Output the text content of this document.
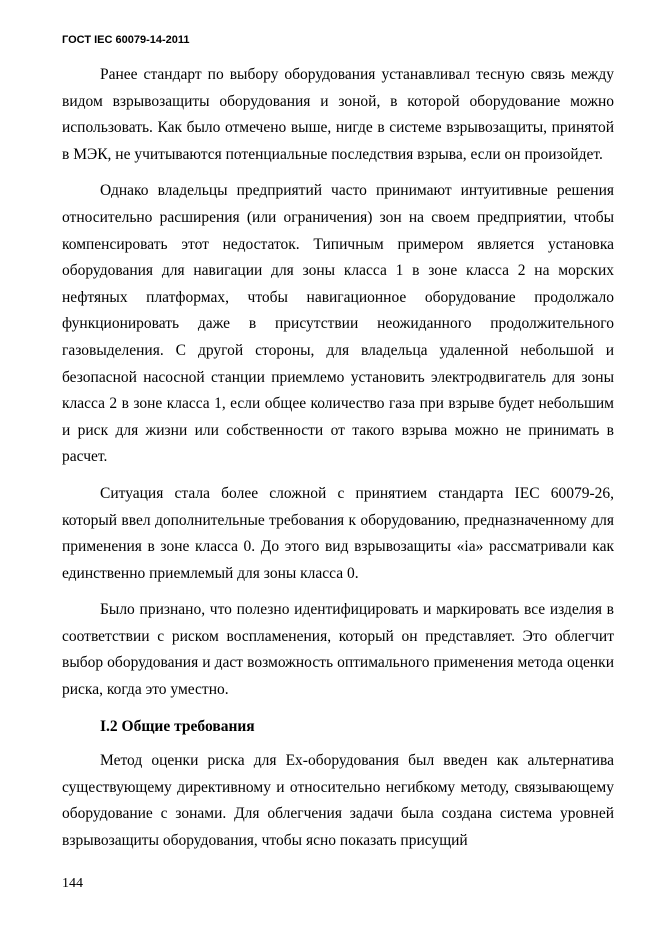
ГОСТ IEC 60079-14-2011

Ранее стандарт по выбору оборудования устанавливал тесную связь между видом взрывозащиты оборудования и зоной, в которой оборудование можно использовать. Как было отмечено выше, нигде в системе взрывозащиты, принятой в МЭК, не учитываются потенциальные последствия взрыва, если он произойдет.

Однако владельцы предприятий часто принимают интуитивные решения относительно расширения (или ограничения) зон на своем предприятии, чтобы компенсировать этот недостаток. Типичным примером является установка оборудования для навигации для зоны класса 1 в зоне класса 2 на морских нефтяных платформах, чтобы навигационное оборудование продолжало функционировать даже в присутствии неожиданного продолжительного газовыделения. С другой стороны, для владельца удаленной небольшой и безопасной насосной станции приемлемо установить электродвигатель для зоны класса 2 в зоне класса 1, если общее количество газа при взрыве будет небольшим и риск для жизни или собственности от такого взрыва можно не принимать в расчет.

Ситуация стала более сложной с принятием стандарта IEC 60079-26, который ввел дополнительные требования к оборудованию, предназначенному для применения в зоне класса 0. До этого вид взрывозащиты «ia» рассматривали как единственно приемлемый для зоны класса 0.

Было признано, что полезно идентифицировать и маркировать все изделия в соответствии с риском воспламенения, который он представляет. Это облегчит выбор оборудования и даст возможность оптимального применения метода оценки риска, когда это уместно.

I.2 Общие требования

Метод оценки риска для Ex-оборудования был введен как альтернатива существующему директивному и относительно негибкому методу, связывающему оборудование с зонами. Для облегчения задачи была создана система уровней взрывозащиты оборудования, чтобы ясно показать присущий

144
